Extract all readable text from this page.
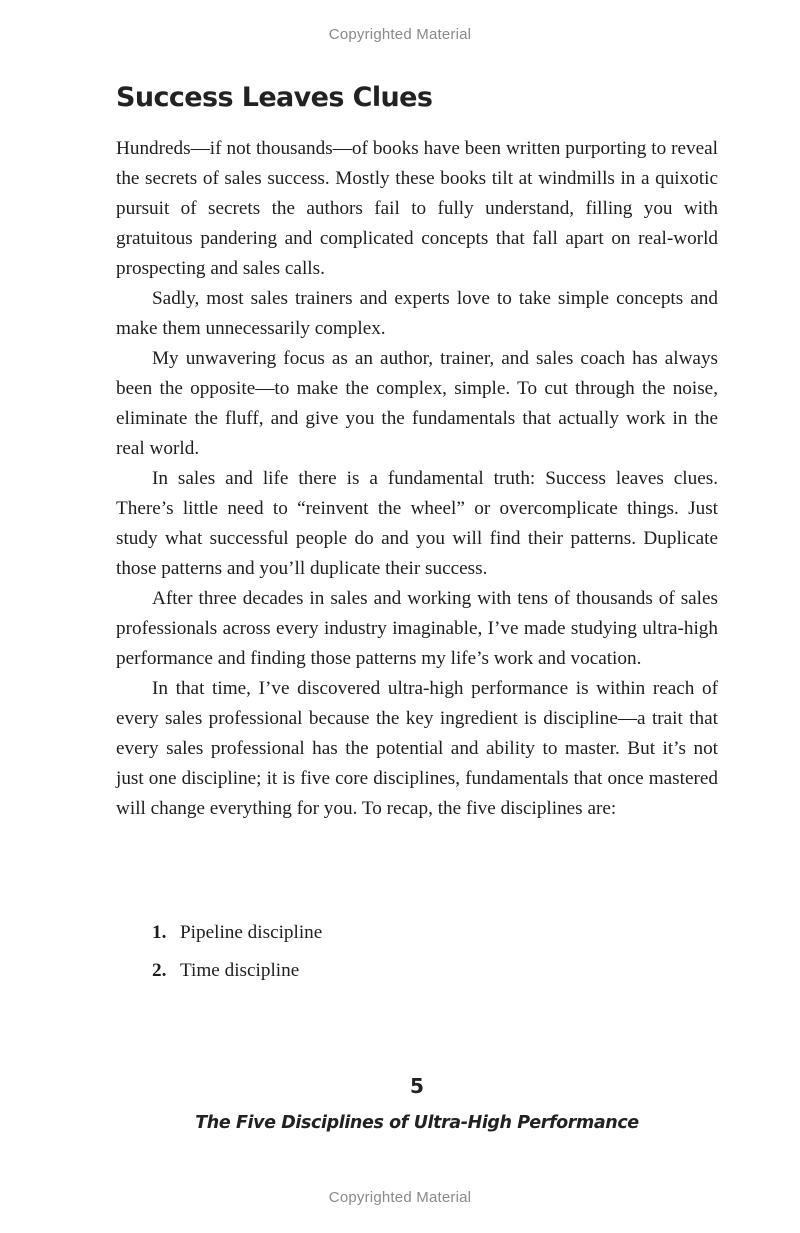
Copyrighted Material
Success Leaves Clues

Hundreds—if not thousands—of books have been written purporting to reveal the secrets of sales success. Mostly these books tilt at windmills in a quixotic pursuit of secrets the authors fail to fully understand, filling you with gratuitous pandering and complicated concepts that fall apart on real-world prospecting and sales calls.

Sadly, most sales trainers and experts love to take simple concepts and make them unnecessarily complex.

My unwavering focus as an author, trainer, and sales coach has always been the opposite—to make the complex, simple. To cut through the noise, eliminate the fluff, and give you the fundamentals that actually work in the real world.

In sales and life there is a fundamental truth: Success leaves clues. There’s little need to “reinvent the wheel” or overcomplicate things. Just study what successful people do and you will find their patterns. Duplicate those patterns and you’ll duplicate their success.

After three decades in sales and working with tens of thousands of sales professionals across every industry imaginable, I’ve made studying ultra-high performance and finding those patterns my life’s work and vocation.

In that time, I’ve discovered ultra-high performance is within reach of every sales professional because the key ingredient is discipline—a trait that every sales professional has the potential and ability to master. But it’s not just one discipline; it is five core disciplines, fundamentals that once mastered will change everything for you. To recap, the five disciplines are:

1. Pipeline discipline
2. Time discipline
5
The Five Disciplines of Ultra-High Performance
Copyrighted Material
